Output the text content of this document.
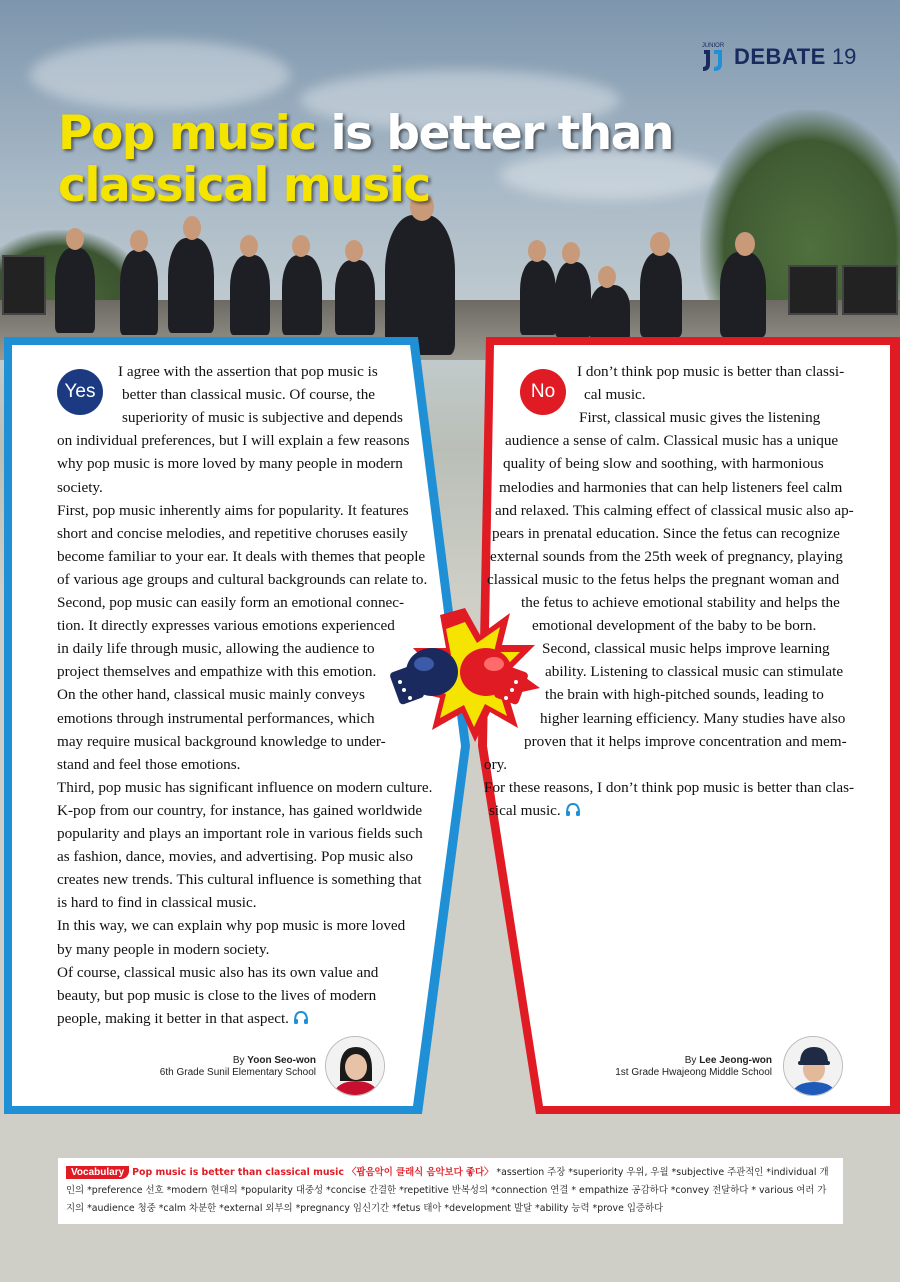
JUNIOR DEBATE 19
Pop music is better than
classical music
Yes

I agree with the assertion that pop music is

better than classical music. Of course, the

superiority of music is subjective and depends

on individual preferences, but I will explain a few reasons

why pop music is more loved by many people in modern

society.

First, pop music inherently aims for popularity. It features

short and concise melodies, and repetitive choruses easily

become familiar to your ear. It deals with themes that people

of various age groups and cultural backgrounds can relate to.

Second, pop music can easily form an emotional connec-

tion. It directly expresses various emotions experienced

in daily life through music, allowing the audience to

project themselves and empathize with this emotion.

On the other hand, classical music mainly conveys

emotions through instrumental performances, which

may require musical background knowledge to under-

stand and feel those emotions.

Third, pop music has significant influence on modern culture.

K-pop from our country, for instance, has gained worldwide

popularity and plays an important role in various fields such

as fashion, dance, movies, and advertising. Pop music also

creates new trends. This cultural influence is something that

is hard to find in classical music.

In this way, we can explain why pop music is more loved

by many people in modern society.

Of course, classical music also has its own value and

beauty, but pop music is close to the lives of modern

people, making it better in that aspect.

No

I don’t think pop music is better than classi-

cal music.

First, classical music gives the listening

audience a sense of calm. Classical music has a unique

quality of being slow and soothing, with harmonious

melodies and harmonies that can help listeners feel calm

and relaxed. This calming effect of classical music also ap-

pears in prenatal education. Since the fetus can recognize

external sounds from the 25th week of pregnancy, playing

classical music to the fetus helps the pregnant woman and

the fetus to achieve emotional stability and helps the

emotional development of the baby to be born.

Second, classical music helps improve learning

ability. Listening to classical music can stimulate

the brain with high-pitched sounds, leading to

higher learning efficiency. Many studies have also

proven that it helps improve concentration and mem-

ory.

For these reasons, I don’t think pop music is better than clas-

sical music.

By Yoon Seo-won
6th Grade Sunil Elementary School
By Lee Jeong-won
1st Grade Hwajeong Middle School
Vocabulary Pop music is better than classical music 〈팝음악이 클래식 음악보다 좋다〉 *assertion 주장 *superiority 우위, 우월 *subjective 주관적인 *individual 개인의 *preference 선호 *modern 현대의 *popularity 대중성 *concise 간결한 *repetitive 반복성의 *connection 연결 * empathize 공감하다 *convey 전달하다 * various 여러 가지의 *audience 청중 *calm 차분한 *external 외부의 *pregnancy 임신기간 *fetus 태아 *development 발달 *ability 능력 *prove 입증하다
